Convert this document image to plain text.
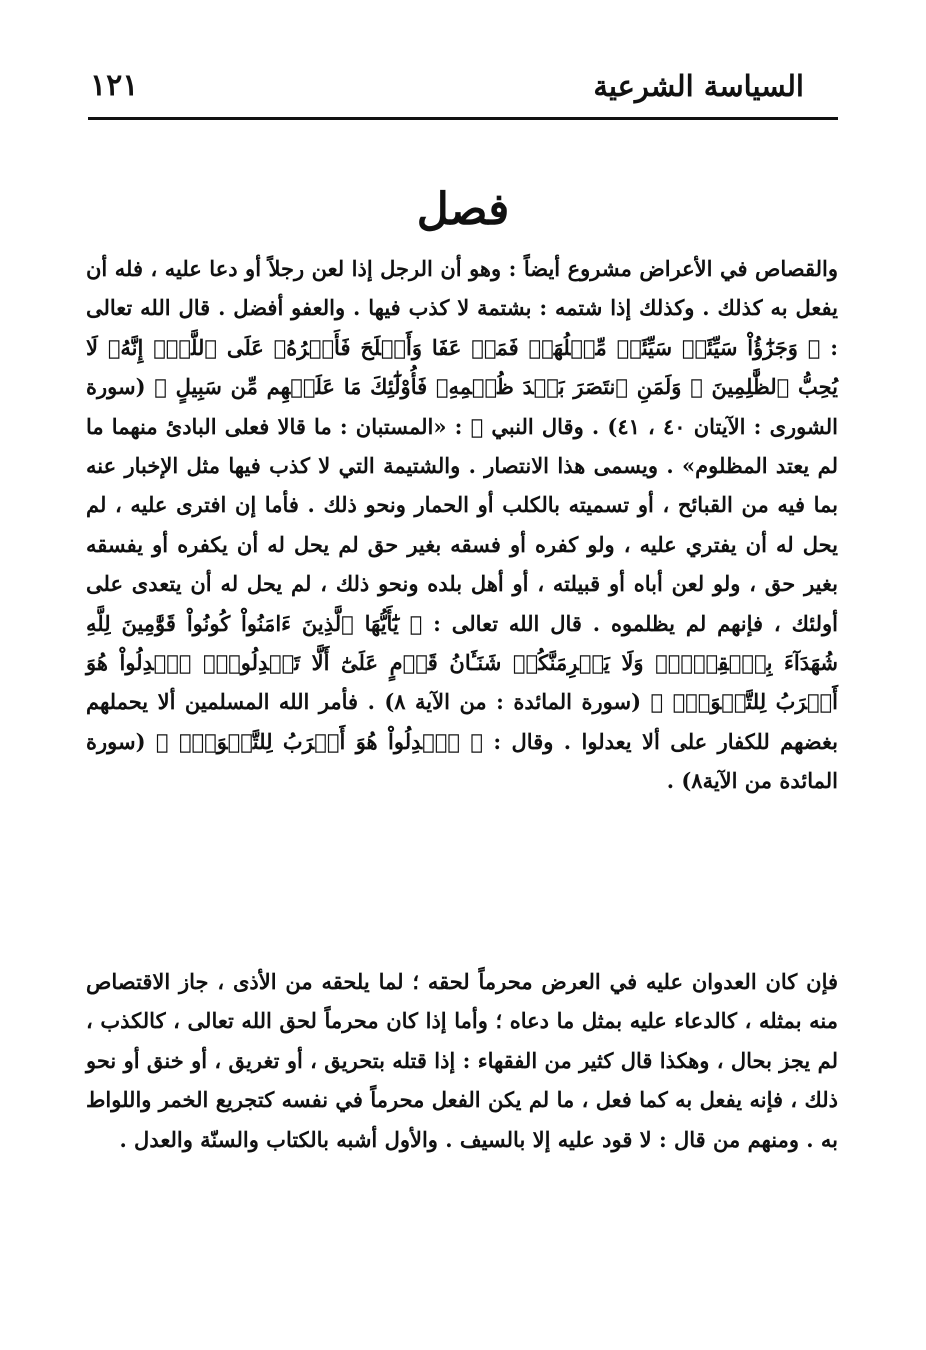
السياسة الشرعية
١٢١
فصل

والقصاص في الأعراض مشروع أيضاً : وهو أن الرجل إذا لعن رجلاً أو دعا عليه ، فله أن يفعل به كذلك . وكذلك إذا شتمه : بشتمة لا كذب فيها . والعفو أفضل . قال الله تعالى : ﴿ وَجَزَٰٓؤُاْ سَيِّئَةٖ سَيِّئَةٞ مِّثۡلُهَاۖ فَمَنۡ عَفَا وَأَصۡلَحَ فَأَجۡرُهُۥ عَلَى ٱللَّهِۚ إِنَّهُۥ لَا يُحِبُّ ٱلظَّٰلِمِينَ ۞ وَلَمَنِ ٱنتَصَرَ بَعۡدَ ظُلۡمِهِۦ فَأُوْلَٰٓئِكَ مَا عَلَيۡهِم مِّن سَبِيلٍ ﴾ (سورة الشورى : الآيتان ٤٠ ، ٤١) . وقال النبي ﷺ : «المستبان : ما قالا فعلى البادئ منهما ما لم يعتد المظلوم» . ويسمى هذا الانتصار . والشتيمة التي لا كذب فيها مثل الإخبار عنه بما فيه من القبائح ، أو تسميته بالكلب أو الحمار ونحو ذلك . فأما إن افترى عليه ، لم يحل له أن يفتري عليه ، ولو كفره أو فسقه بغير حق لم يحل له أن يكفره أو يفسقه بغير حق ، ولو لعن أباه أو قبيلته ، أو أهل بلده ونحو ذلك ، لم يحل له أن يتعدى على أولئك ، فإنهم لم يظلموه . قال الله تعالى : ﴿ يَٰٓأَيُّهَا ٱلَّذِينَ ءَامَنُواْ كُونُواْ قَوَّٰمِينَ لِلَّهِ شُهَدَآءَ بِٱلۡقِسۡطِۖ وَلَا يَجۡرِمَنَّكُمۡ شَنَـَٔانُ قَوۡمٍ عَلَىٰٓ أَلَّا تَعۡدِلُواْۚ ٱعۡدِلُواْ هُوَ أَقۡرَبُ لِلتَّقۡوَىٰۖ ﴾ (سورة المائدة : من الآية ٨) . فأمر الله المسلمين ألا يحملهم بغضهم للكفار على ألا يعدلوا . وقال : ﴿ ٱعۡدِلُواْ هُوَ أَقۡرَبُ لِلتَّقۡوَىٰۖ ﴾ (سورة المائدة من الآية٨) .

فإن كان العدوان عليه في العرض محرماً لحقه ؛ لما يلحقه من الأذى ، جاز الاقتصاص منه بمثله ، كالدعاء عليه بمثل ما دعاه ؛ وأما إذا كان محرماً لحق الله تعالى ، كالكذب ، لم يجز بحال ، وهكذا قال كثير من الفقهاء : إذا قتله بتحريق ، أو تغريق ، أو خنق أو نحو ذلك ، فإنه يفعل به كما فعل ، ما لم يكن الفعل محرماً في نفسه كتجريع الخمر واللواط به . ومنهم من قال : لا قود عليه إلا بالسيف . والأول أشبه بالكتاب والسنّة والعدل .
